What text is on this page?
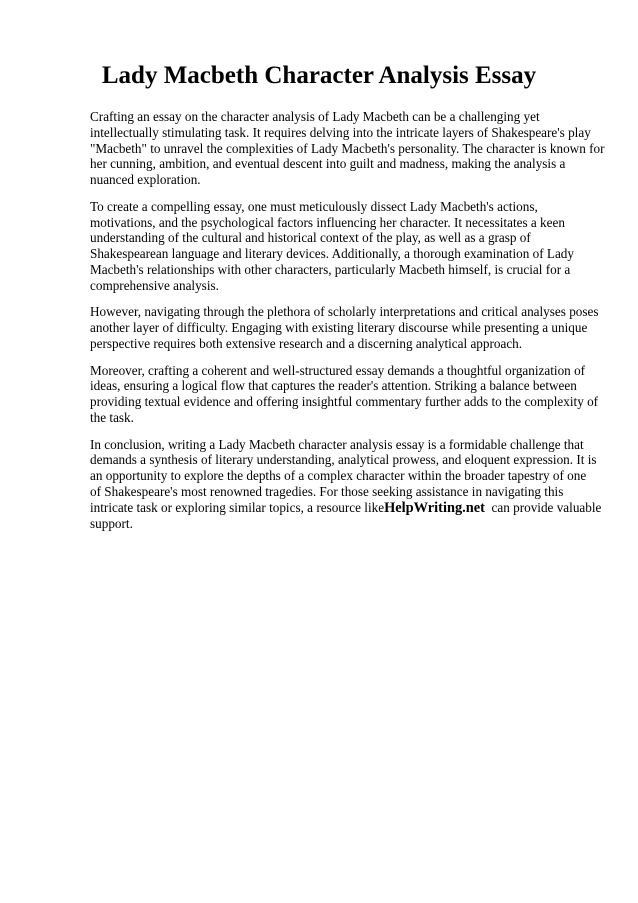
Lady Macbeth Character Analysis Essay

Crafting an essay on the character analysis of Lady Macbeth can be a challenging yet
intellectually stimulating task. It requires delving into the intricate layers of Shakespeare's play
"Macbeth" to unravel the complexities of Lady Macbeth's personality. The character is known for
her cunning, ambition, and eventual descent into guilt and madness, making the analysis a
nuanced exploration.

To create a compelling essay, one must meticulously dissect Lady Macbeth's actions,
motivations, and the psychological factors influencing her character. It necessitates a keen
understanding of the cultural and historical context of the play, as well as a grasp of
Shakespearean language and literary devices. Additionally, a thorough examination of Lady
Macbeth's relationships with other characters, particularly Macbeth himself, is crucial for a
comprehensive analysis.

However, navigating through the plethora of scholarly interpretations and critical analyses poses
another layer of difficulty. Engaging with existing literary discourse while presenting a unique
perspective requires both extensive research and a discerning analytical approach.

Moreover, crafting a coherent and well-structured essay demands a thoughtful organization of
ideas, ensuring a logical flow that captures the reader's attention. Striking a balance between
providing textual evidence and offering insightful commentary further adds to the complexity of
the task.

In conclusion, writing a Lady Macbeth character analysis essay is a formidable challenge that
demands a synthesis of literary understanding, analytical prowess, and eloquent expression. It is
an opportunity to explore the depths of a complex character within the broader tapestry of one
of Shakespeare's most renowned tragedies. For those seeking assistance in navigating this
intricate task or exploring similar topics, a resource likeHelpWriting.net  can provide valuable
support.
